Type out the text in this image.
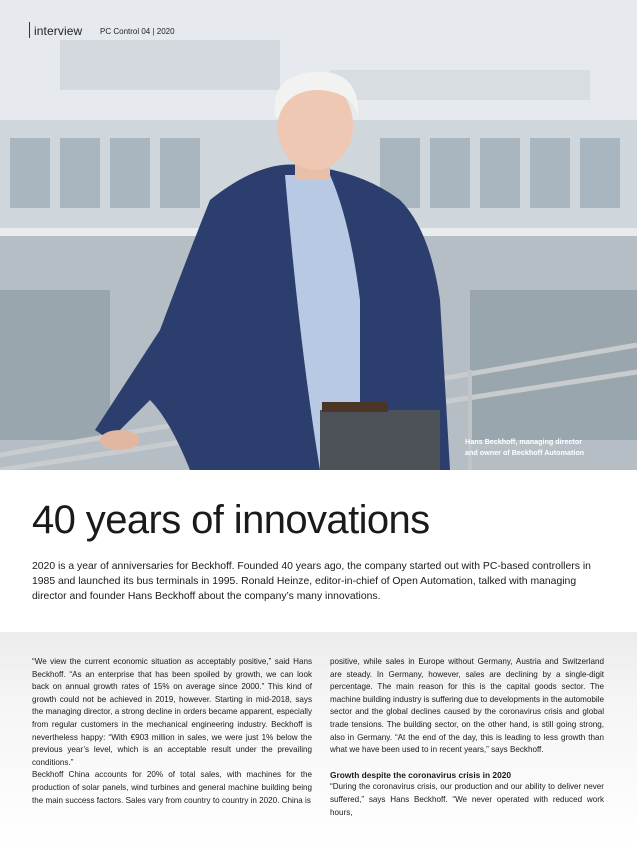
interview PC Control 04 | 2020
Hans Beckhoff, managing director
and owner of Beckhoff Automation
40 years of innovations

2020 is a year of anniversaries for Beckhoff. Founded 40 years ago, the company started out with PC-based controllers in 1985 and launched its bus terminals in 1995. Ronald Heinze, editor-in-chief of Open Automation, talked with managing director and founder Hans Beckhoff about the company’s many innovations.

“We view the current economic situation as acceptably positive,” said Hans Beckhoff. “As an enterprise that has been spoiled by growth, we can look back on annual growth rates of 15% on average since 2000.” This kind of growth could not be achieved in 2019, however. Starting in mid-2018, says the managing director, a strong decline in orders became apparent, especially from regular customers in the mechanical engineering industry. Beckhoff is nevertheless happy: “With €903 million in sales, we were just 1% below the previous year’s level, which is an acceptable result under the prevailing conditions.”

Beckhoff China accounts for 20% of total sales, with machines for the production of solar panels, wind turbines and general machine building being the main success factors. Sales vary from country to country in 2020. China is

positive, while sales in Europe without Germany, Austria and Switzerland are steady. In Germany, however, sales are declining by a single-digit percentage. The main reason for this is the capital goods sector. The machine building industry is suffering due to developments in the automobile sector and the global declines caused by the coronavirus crisis and global trade tensions. The building sector, on the other hand, is still going strong, also in Germany. “At the end of the day, this is leading to less growth than what we have been used to in recent years,” says Beckhoff.

Growth despite the coronavirus crisis in 2020

“During the coronavirus crisis, our production and our ability to deliver never suffered,” says Hans Beckhoff. “We never operated with reduced work hours,
